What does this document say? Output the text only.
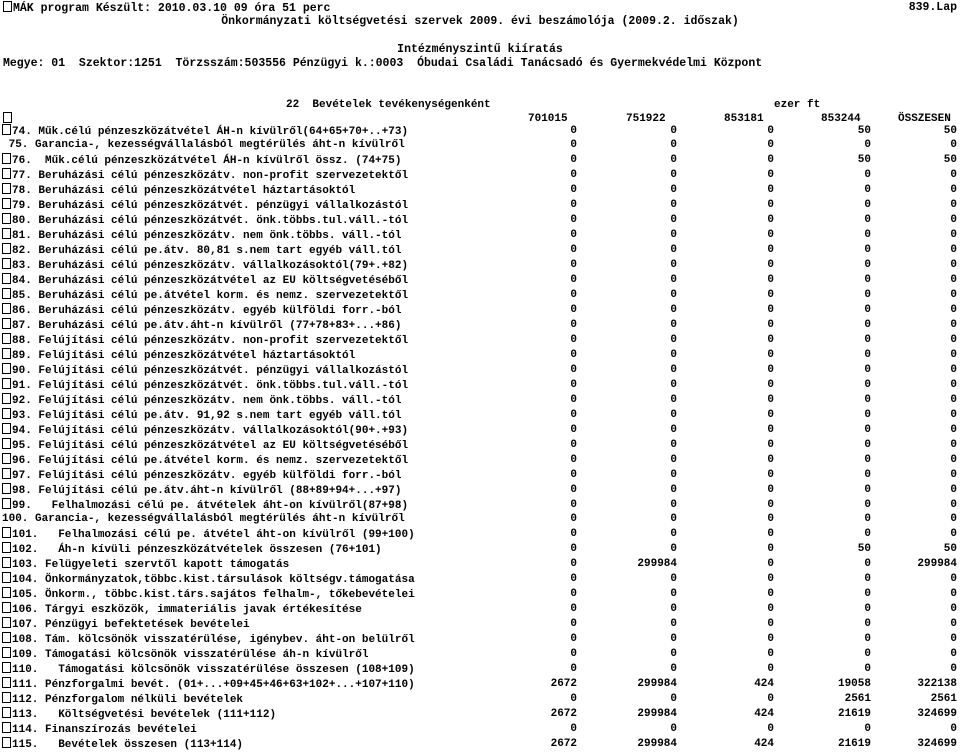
MÁK program Készült: 2010.03.10 09 óra 51 perc	839.Lap
Önkormányzati költségvetési szervek 2009. évi beszámolója (2009.2. időszak)
Intézményszintű kiíratás
Megye: 01  Szektor:1251  Törzsszám:503556 Pénzügyi k.:0003  Óbudai Családi Tanácsadó és Gyermekvédelmi Központ
22  Bevételek tevékenységenként	ezer ft
701015	751922	853181	853244	ÖSSZESEN
74. Műk.célú pénzeszközátvétel ÁH-n kívülről(64+65+70+..+73)	0	0	0	50	50
75. Garancia-, kezességvállalásból megtérülés áht-n kívülről	0	0	0	0	0
76.  Műk.célú pénzeszközátvétel ÁH-n kívülről össz. (74+75)	0	0	0	50	50
77. Beruházási célú pénzeszközátv. non-profit szervezetektől	0	0	0	0	0
78. Beruházási célú pénzeszközátvétel háztartásoktól	0	0	0	0	0
79. Beruházási célú pénzeszközátvét. pénzügyi vállalkozástól	0	0	0	0	0
80. Beruházási célú pénzeszközátvét. önk.többs.tul.váll.-tól	0	0	0	0	0
81. Beruházási célú pénzeszközátv. nem önk.többs. váll.-tól	0	0	0	0	0
82. Beruházási célú pe.átv. 80,81 s.nem tart egyéb váll.tól	0	0	0	0	0
83. Beruházási célú pénzeszközátv. vállalkozásoktól(79+.+82)	0	0	0	0	0
84. Beruházási célú pénzeszközátvétel az EU költségvetéséből	0	0	0	0	0
85. Beruházási célú pe.átvétel korm. és nemz. szervezetektől	0	0	0	0	0
86. Beruházási célú pénzeszközátv. egyéb külföldi forr.-ból	0	0	0	0	0
87. Beruházási célú pe.átv.áht-n kívülről (77+78+83+...+86)	0	0	0	0	0
88. Felújítási célú pénzeszközátv. non-profit szervezetektől	0	0	0	0	0
89. Felújítási célú pénzeszközátvétel háztartásoktól	0	0	0	0	0
90. Felújítási célú pénzeszközátvét. pénzügyi vállalkozástól	0	0	0	0	0
91. Felújítási célú pénzeszközátvét. önk.többs.tul.váll.-tól	0	0	0	0	0
92. Felújítási célú pénzeszközátv. nem önk.többs. váll.-tól	0	0	0	0	0
93. Felújítási célú pe.átv. 91,92 s.nem tart egyéb váll.tól	0	0	0	0	0
94. Felújítási célú pénzeszközátv. vállalkozásoktól(90+.+93)	0	0	0	0	0
95. Felújítási célú pénzeszközátvétel az EU költségvetéséből	0	0	0	0	0
96. Felújítási célú pe.átvétel korm. és nemz. szervezetektől	0	0	0	0	0
97. Felújítási célú pénzeszközátv. egyéb külföldi forr.-ból	0	0	0	0	0
98. Felújítási célú pe.átv.áht-n kívülről (88+89+94+...+97)	0	0	0	0	0
99.   Felhalmozási célú pe. átvételek áht-on kívülről(87+98)	0	0	0	0	0
100. Garancia-, kezességvállalásból megtérülés áht-n kívülről	0	0	0	0	0
101.   Felhalmozási célú pe. átvétel áht-on kívülről (99+100)	0	0	0	0	0
102.   Áh-n kívüli pénzeszközátvételek összesen (76+101)	0	0	0	50	50
103. Felügyeleti szervtől kapott támogatás	0	299984	0	0	299984
104. Önkormányzatok,többc.kist.társulások költségv.támogatása	0	0	0	0	0
105. Önkorm., többc.kist.társ.sajátos felhalm-, tőkebevételei	0	0	0	0	0
106. Tárgyi eszközök, immateriális javak értékesítése	0	0	0	0	0
107. Pénzügyi befektetések bevételei	0	0	0	0	0
108. Tám. kölcsönök visszatérülése, igénybev. áht-on belülről	0	0	0	0	0
109. Támogatási kölcsönök visszatérülése áh-n kívülről	0	0	0	0	0
110.   Támogatási kölcsönök visszatérülése összesen (108+109)	0	0	0	0	0
111. Pénzforgalmi bevét. (01+...+09+45+46+63+102+...+107+110)	2672	299984	424	19058	322138
112. Pénzforgalom nélküli bevételek	0	0	0	2561	2561
113.   Költségvetési bevételek (111+112)	2672	299984	424	21619	324699
114. Finanszírozás bevételei	0	0	0	0	0
115.   Bevételek összesen (113+114)	2672	299984	424	21619	324699
